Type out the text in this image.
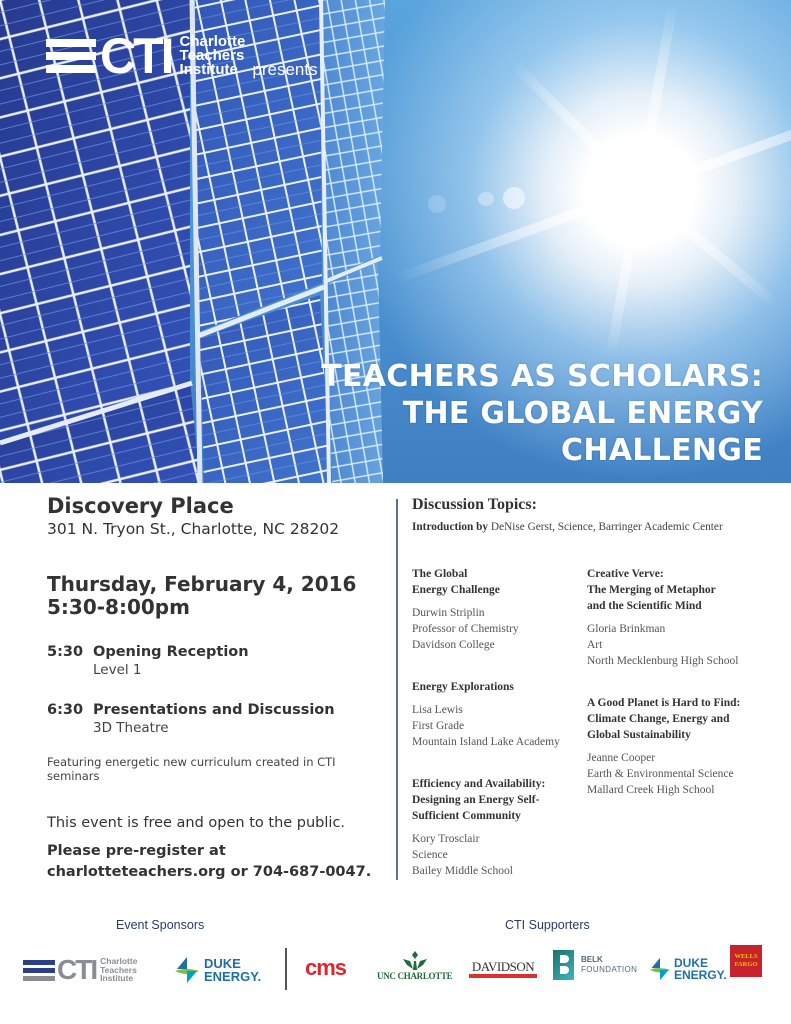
CTI Charlotte
Teachers
Institute presents
TEACHERS AS SCHOLARS:
THE GLOBAL ENERGY
CHALLENGE
Discovery Place
301 N. Tryon St., Charlotte, NC 28202
Thursday, February 4, 2016
5:30-8:00pm
5:30 Opening Reception
Level 1
6:30 Presentations and Discussion
3D Theatre
Featuring energetic new curriculum created in CTI seminars
This event is free and open to the public.
Please pre-register at
charlotteteachers.org or 704-687-0047.
Discussion Topics:
Introduction by DeNise Gerst, Science, Barringer Academic Center
The Global
Energy Challenge
Durwin Striplin
Professor of Chemistry
Davidson College
Energy Explorations
Lisa Lewis
First Grade
Mountain Island Lake Academy
Efficiency and Availability:
Designing an Energy Self-
Sufficient Community
Kory Trosclair
Science
Bailey Middle School
Creative Verve:
The Merging of Metaphor
and the Scientific Mind
Gloria Brinkman
Art
North Mecklenburg High School
A Good Planet is Hard to Find:
Climate Change, Energy and
Global Sustainability
Jeanne Cooper
Earth & Environmental Science
Mallard Creek High School
Event Sponsors	CTI Supporters
CTI Charlotte
Teachers
Institute
DUKE
ENERGY. cms	UNC CHARLOTTE
DAVIDSON	BELK
FOUNDATION	DUKE
ENERGY.
WELLS
FARGO
